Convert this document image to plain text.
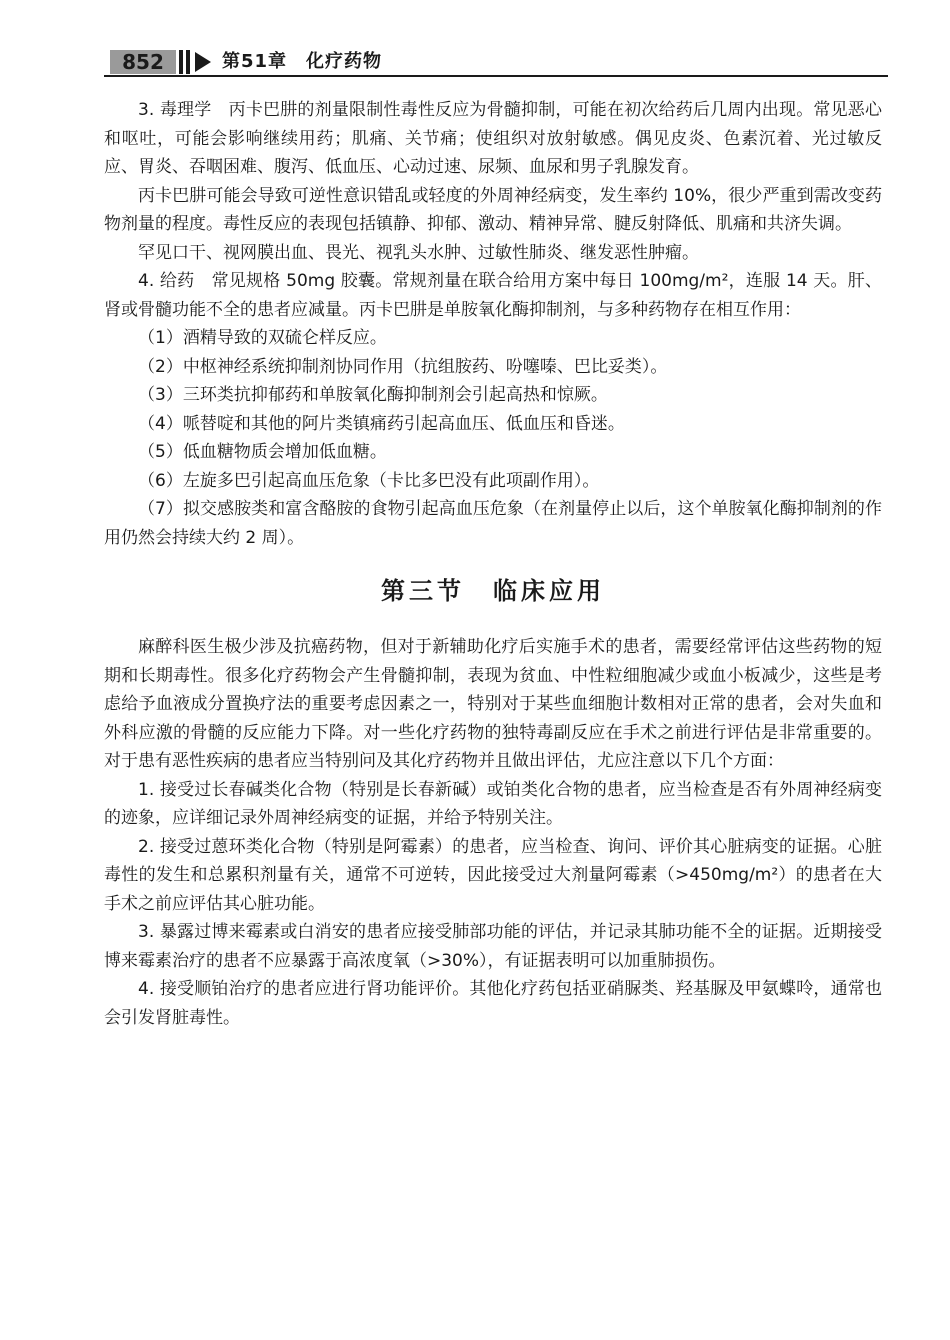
852	第51章　化疗药物

3. 毒理学　丙卡巴肼的剂量限制性毒性反应为骨髓抑制，可能在初次给药后几周内出现。常见恶心和呕吐，可能会影响继续用药；肌痛、关节痛；使组织对放射敏感。偶见皮炎、色素沉着、光过敏反应、胃炎、吞咽困难、腹泻、低血压、心动过速、尿频、血尿和男子乳腺发育。

丙卡巴肼可能会导致可逆性意识错乱或轻度的外周神经病变，发生率约 10%，很少严重到需改变药物剂量的程度。毒性反应的表现包括镇静、抑郁、激动、精神异常、腱反射降低、肌痛和共济失调。

罕见口干、视网膜出血、畏光、视乳头水肿、过敏性肺炎、继发恶性肿瘤。

4. 给药　常见规格 50mg 胶囊。常规剂量在联合给用方案中每日 100mg/m²，连服 14 天。肝、肾或骨髓功能不全的患者应减量。丙卡巴肼是单胺氧化酶抑制剂，与多种药物存在相互作用：

（1）酒精导致的双硫仑样反应。

（2）中枢神经系统抑制剂协同作用（抗组胺药、吩噻嗪、巴比妥类）。

（3）三环类抗抑郁药和单胺氧化酶抑制剂会引起高热和惊厥。

（4）哌替啶和其他的阿片类镇痛药引起高血压、低血压和昏迷。

（5）低血糖物质会增加低血糖。

（6）左旋多巴引起高血压危象（卡比多巴没有此项副作用）。

（7）拟交感胺类和富含酪胺的食物引起高血压危象（在剂量停止以后，这个单胺氧化酶抑制剂的作用仍然会持续大约 2 周）。

第三节　临床应用

麻醉科医生极少涉及抗癌药物，但对于新辅助化疗后实施手术的患者，需要经常评估这些药物的短期和长期毒性。很多化疗药物会产生骨髓抑制，表现为贫血、中性粒细胞减少或血小板减少，这些是考虑给予血液成分置换疗法的重要考虑因素之一，特别对于某些血细胞计数相对正常的患者，会对失血和外科应激的骨髓的反应能力下降。对一些化疗药物的独特毒副反应在手术之前进行评估是非常重要的。对于患有恶性疾病的患者应当特别问及其化疗药物并且做出评估，尤应注意以下几个方面：

1. 接受过长春碱类化合物（特别是长春新碱）或铂类化合物的患者，应当检查是否有外周神经病变的迹象，应详细记录外周神经病变的证据，并给予特别关注。

2. 接受过蒽环类化合物（特别是阿霉素）的患者，应当检查、询问、评价其心脏病变的证据。心脏毒性的发生和总累积剂量有关，通常不可逆转，因此接受过大剂量阿霉素（>450mg/m²）的患者在大手术之前应评估其心脏功能。

3. 暴露过博来霉素或白消安的患者应接受肺部功能的评估，并记录其肺功能不全的证据。近期接受博来霉素治疗的患者不应暴露于高浓度氧（>30%），有证据表明可以加重肺损伤。

4. 接受顺铂治疗的患者应进行肾功能评价。其他化疗药包括亚硝脲类、羟基脲及甲氨蝶呤，通常也会引发肾脏毒性。
